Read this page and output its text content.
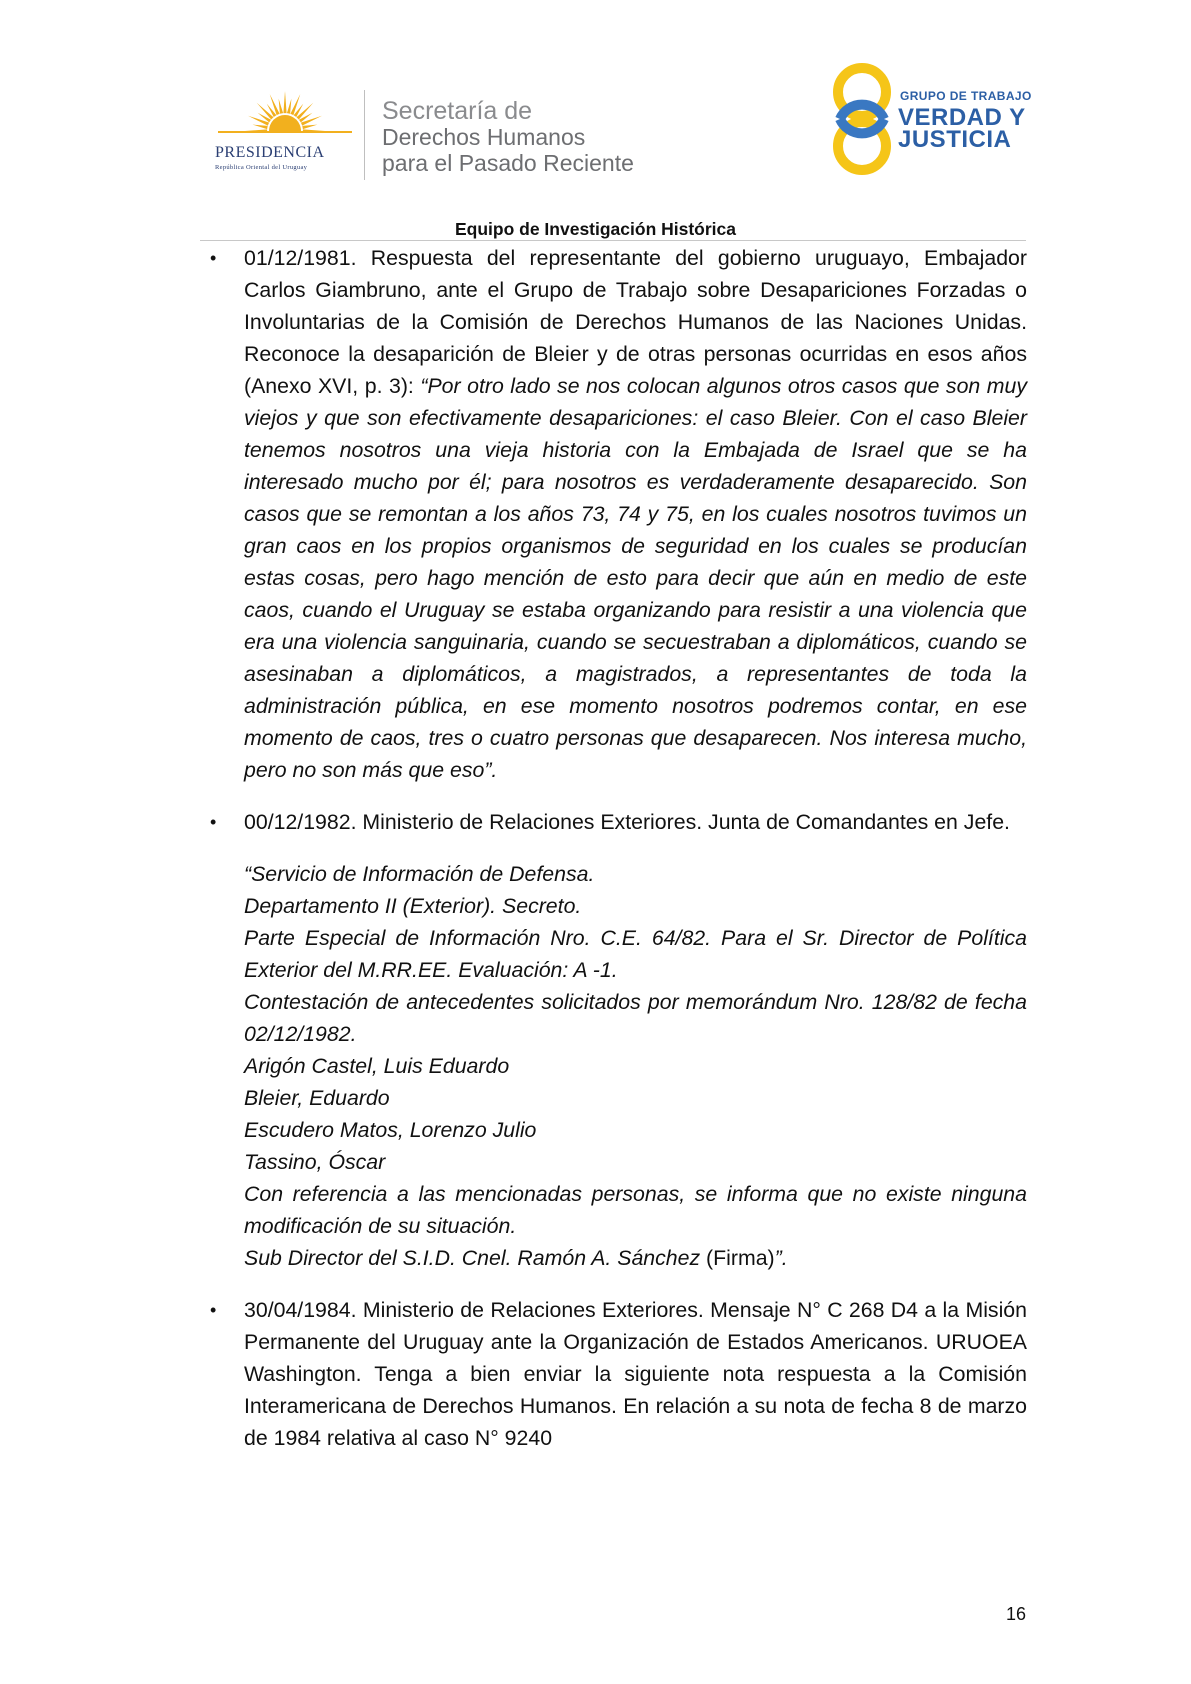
PRESIDENCIA
República Oriental del Uruguay
Secretaría de
Derechos Humanos
para el Pasado Reciente
GRUPO DE TRABAJO
VERDAD Y
JUSTICIA
Equipo de Investigación Histórica
• 01/12/1981. Respuesta del representante del gobierno uruguayo, Embajador Carlos Giambruno, ante el Grupo de Trabajo sobre Desapariciones Forzadas o Involuntarias de la Comisión de Derechos Humanos de las Naciones Unidas. Reconoce la desaparición de Bleier y de otras personas ocurridas en esos años (Anexo XVI, p. 3): “Por otro lado se nos colocan algunos otros casos que son muy viejos y que son efectivamente desapariciones: el caso Bleier. Con el caso Bleier tenemos nosotros una vieja historia con la Embajada de Israel que se ha interesado mucho por él; para nosotros es verdaderamente desaparecido. Son casos que se remontan a los años 73, 74 y 75, en los cuales nosotros tuvimos un gran caos en los propios organismos de seguridad en los cuales se producían estas cosas, pero hago mención de esto para decir que aún en medio de este caos, cuando el Uruguay se estaba organizando para resistir a una violencia que era una violencia sanguinaria, cuando se secuestraban a diplomáticos, cuando se asesinaban a diplomáticos, a magistrados, a representantes de toda la administración pública, en ese momento nosotros podremos contar, en ese momento de caos, tres o cuatro personas que desaparecen. Nos interesa mucho, pero no son más que eso”.

• 00/12/1982. Ministerio de Relaciones Exteriores. Junta de Comandantes en Jefe.

“Servicio de Información de Defensa.

Departamento II (Exterior). Secreto.

Parte Especial de Información Nro. C.E. 64/82. Para el Sr. Director de Política Exterior del M.RR.EE. Evaluación: A -1.

Contestación de antecedentes solicitados por memorándum Nro. 128/82 de fecha 02/12/1982.

Arigón Castel, Luis Eduardo

Bleier, Eduardo

Escudero Matos, Lorenzo Julio

Tassino, Óscar

Con referencia a las mencionadas personas, se informa que no existe ninguna modificación de su situación.

Sub Director del S.I.D. Cnel. Ramón A. Sánchez (Firma)”.

• 30/04/1984. Ministerio de Relaciones Exteriores. Mensaje N° C 268 D4 a la Misión Permanente del Uruguay ante la Organización de Estados Americanos. URUOEA Washington. Tenga a bien enviar la siguiente nota respuesta a la Comisión Interamericana de Derechos Humanos. En relación a su nota de fecha 8 de marzo de 1984 relativa al caso N° 9240

16
